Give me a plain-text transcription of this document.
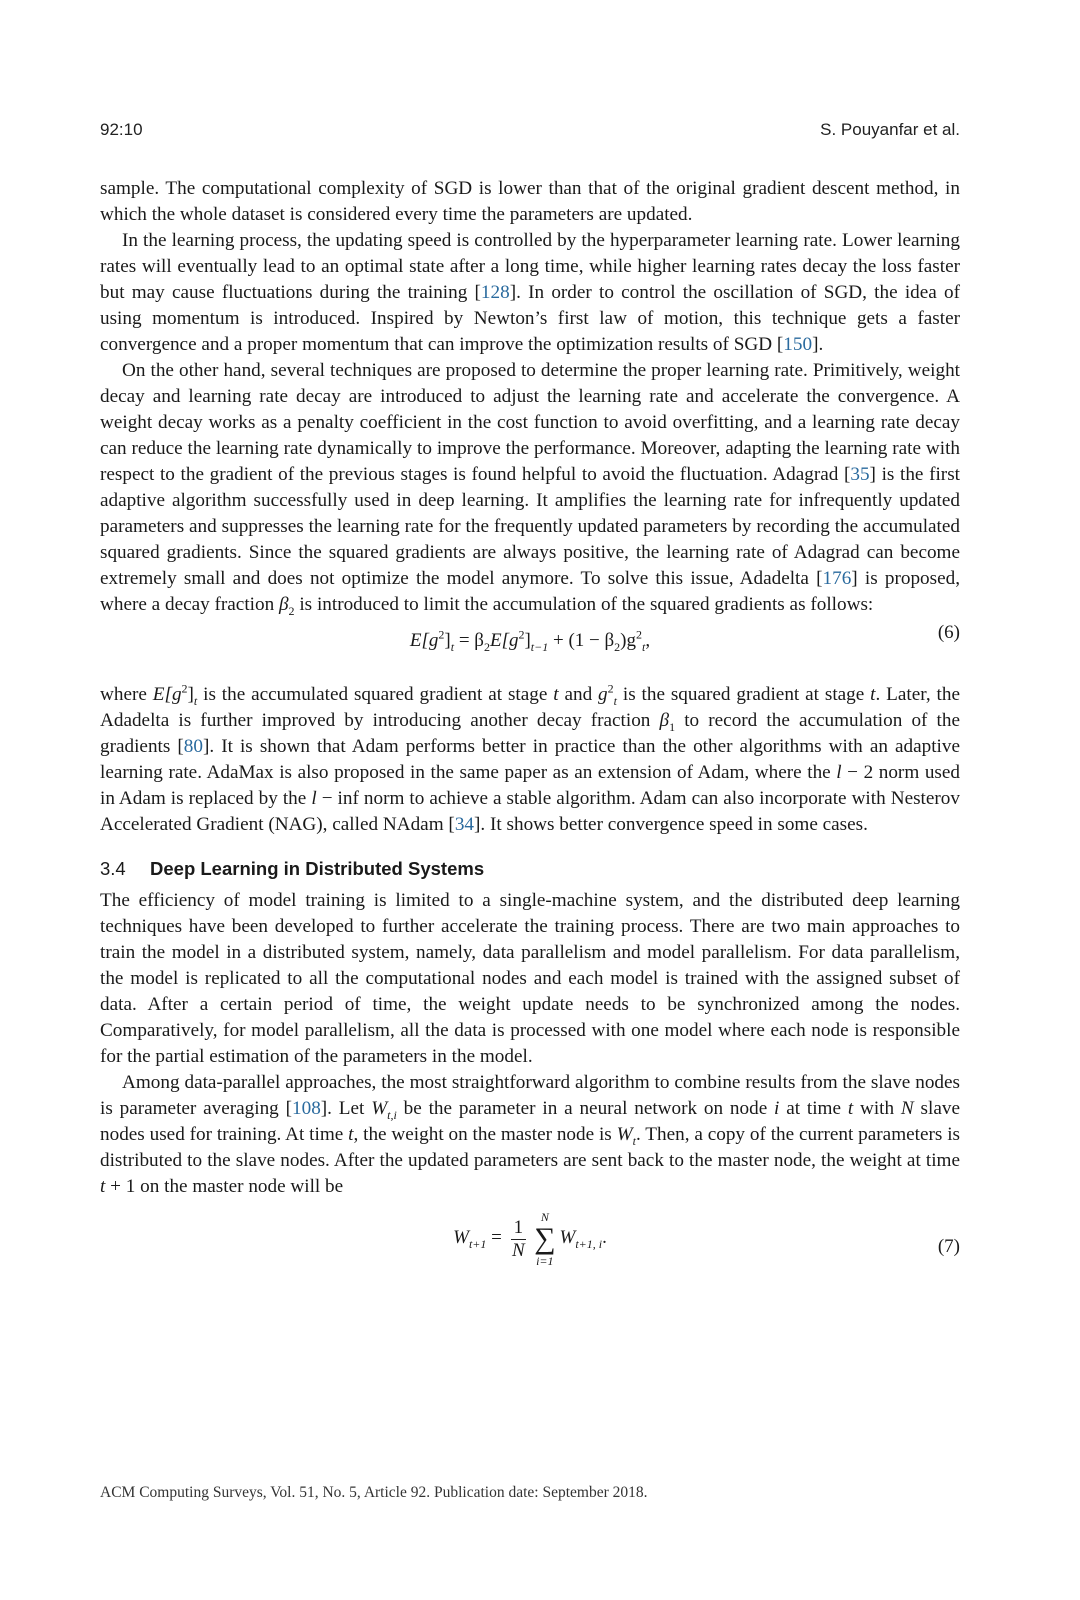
92:10	S. Pouyanfar et al.

sample. The computational complexity of SGD is lower than that of the original gradient descent method, in which the whole dataset is considered every time the parameters are updated.

In the learning process, the updating speed is controlled by the hyperparameter learning rate. Lower learning rates will eventually lead to an optimal state after a long time, while higher learning rates decay the loss faster but may cause fluctuations during the training [128]. In order to control the oscillation of SGD, the idea of using momentum is introduced. Inspired by Newton’s first law of motion, this technique gets a faster convergence and a proper momentum that can improve the optimization results of SGD [150].

On the other hand, several techniques are proposed to determine the proper learning rate. Primitively, weight decay and learning rate decay are introduced to adjust the learning rate and accelerate the convergence. A weight decay works as a penalty coefficient in the cost function to avoid overfitting, and a learning rate decay can reduce the learning rate dynamically to improve the performance. Moreover, adapting the learning rate with respect to the gradient of the previous stages is found helpful to avoid the fluctuation. Adagrad [35] is the first adaptive algorithm successfully used in deep learning. It amplifies the learning rate for infrequently updated parameters and suppresses the learning rate for the frequently updated parameters by recording the accumulated squared gradients. Since the squared gradients are always positive, the learning rate of Adagrad can become extremely small and does not optimize the model anymore. To solve this issue, Adadelta [176] is proposed, where a decay fraction $\beta_2$ is introduced to limit the accumulation of the squared gradients as follows:

$E[g^2]_t = \beta_2E[g^2]_{t-1} + (1 - \beta_2)g^2_t$,	(6)

where $E[g^2]_t$ is the accumulated squared gradient at stage t and $g^2_t$ is the squared gradient at stage t. Later, the Adadelta is further improved by introducing another decay fraction $\beta_1$ to record the accumulation of the gradients [80]. It is shown that Adam performs better in practice than the other algorithms with an adaptive learning rate. AdaMax is also proposed in the same paper as an extension of Adam, where the l − 2 norm used in Adam is replaced by the l − inf norm to achieve a stable algorithm. Adam can also incorporate with Nesterov Accelerated Gradient (NAG), called NAdam [34]. It shows better convergence speed in some cases.

3.4 Deep Learning in Distributed Systems

The efficiency of model training is limited to a single-machine system, and the distributed deep learning techniques have been developed to further accelerate the training process. There are two main approaches to train the model in a distributed system, namely, data parallelism and model parallelism. For data parallelism, the model is replicated to all the computational nodes and each model is trained with the assigned subset of data. After a certain period of time, the weight update needs to be synchronized among the nodes. Comparatively, for model parallelism, all the data is processed with one model where each node is responsible for the partial estimation of the parameters in the model.

Among data-parallel approaches, the most straightforward algorithm to combine results from the slave nodes is parameter averaging [108]. Let $W_{t,i}$ be the parameter in a neural network on node i at time t with N slave nodes used for training. At time t, the weight on the master node is $W_t$. Then, a copy of the current parameters is distributed to the slave nodes. After the updated parameters are sent back to the master node, the weight at time t + 1 on the master node will be

$W_{t+1} = \frac{1}{N}$	N
∑
i=1
$W_{t+1, i}$.	(7)
ACM Computing Surveys, Vol. 51, No. 5, Article 92. Publication date: September 2018.
